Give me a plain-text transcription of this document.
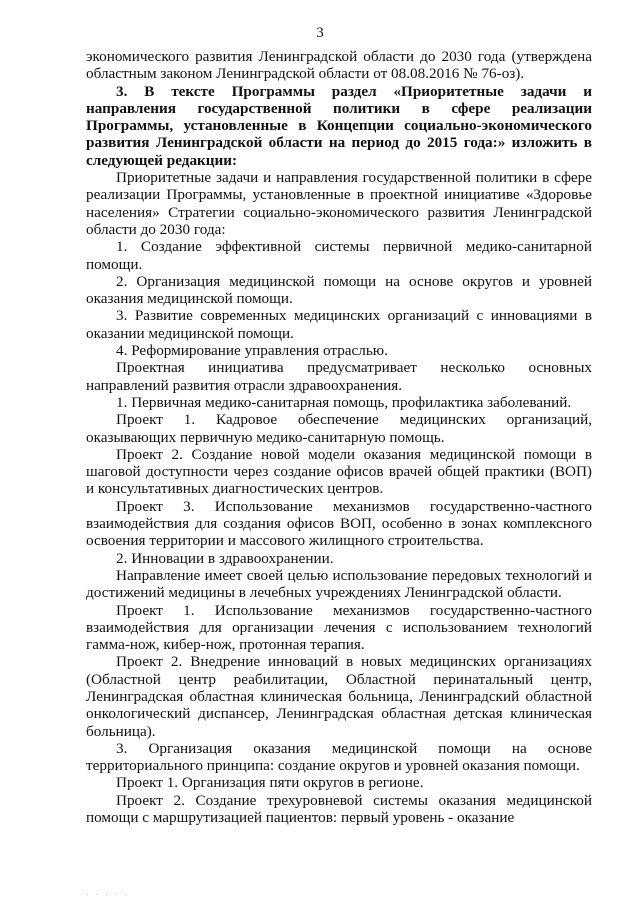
3

экономического развития Ленинградской области до 2030 года (утверждена областным законом Ленинградской области от 08.08.2016 № 76-оз).

3. В тексте Программы раздел «Приоритетные задачи и направления государственной политики в сфере реализации Программы, установленные в Концепции социально-экономического развития Ленинградской области на период до 2015 года:» изложить в следующей редакции:

Приоритетные задачи и направления государственной политики в сфере реализации Программы, установленные в проектной инициативе «Здоровье населения» Стратегии социально-экономического развития Ленинградской области до 2030 года:

1. Создание эффективной системы первичной медико-санитарной помощи.

2. Организация медицинской помощи на основе округов и уровней оказания медицинской помощи.

3. Развитие современных медицинских организаций с инновациями в оказании медицинской помощи.

4. Реформирование управления отраслью.

Проектная инициатива предусматривает несколько основных направлений развития отрасли здравоохранения.

1. Первичная медико-санитарная помощь, профилактика заболеваний.

Проект 1. Кадровое обеспечение медицинских организаций, оказывающих первичную медико-санитарную помощь.

Проект 2. Создание новой модели оказания медицинской помощи в шаговой доступности через создание офисов врачей общей практики (ВОП) и консультативных диагностических центров.

Проект 3. Использование механизмов государственно-частного взаимодействия для создания офисов ВОП, особенно в зонах комплексного освоения территории и массового жилищного строительства.

2. Инновации в здравоохранении.

Направление имеет своей целью использование передовых технологий и достижений медицины в лечебных учреждениях Ленинградской области.

Проект 1. Использование механизмов государственно-частного взаимодействия для организации лечения с использованием технологий гамма-нож, кибер-нож, протонная терапия.

Проект 2. Внедрение инноваций в новых медицинских организациях (Областной центр реабилитации, Областной перинатальный центр, Ленинградская областная клиническая больница, Ленинградский областной онкологический диспансер, Ленинградская областная детская клиническая больница).

3. Организация оказания медицинской помощи на основе территориального принципа: создание округов и уровней оказания помощи.

Проект 1. Организация пяти округов в регионе.

Проект 2. Создание трехуровневой системы оказания медицинской помощи с маршрутизацией пациентов: первый уровень - оказание

. . . . .
